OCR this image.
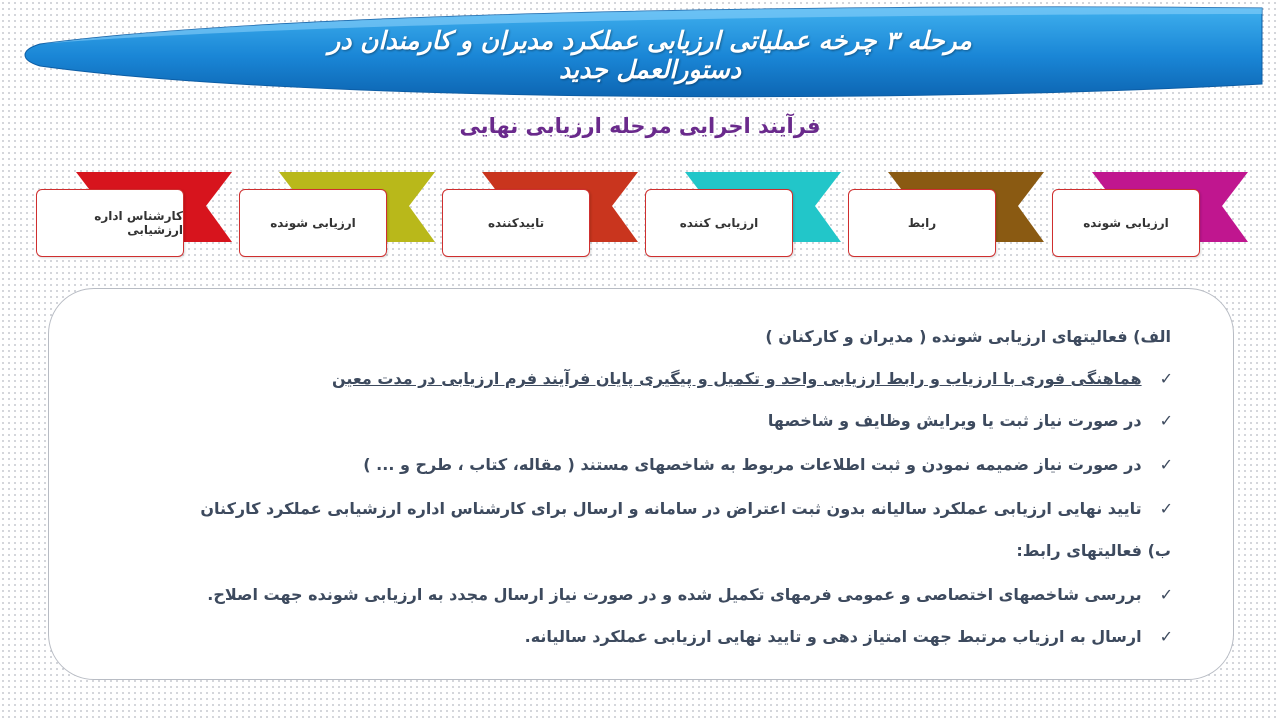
مرحله ۳ چرخه عملیاتی ارزیابی عملکرد مدیران و کارمندان در دستورالعمل جدید
فرآیند اجرایی مرحله ارزیابی نهایی
ارزیابی شونده
رابط
ارزیابی کننده
تاییدکننده
ارزیابی شونده
کارشناس اداره ارزشیابی
الف) فعالیتهای ارزیابی شونده ( مدیران و کارکنان )
✓هماهنگی فوری با ارزیاب و رابط ارزیابی واحد و تکمیل و پیگیری پایان فرآیند فرم ارزیابی در مدت معین
✓در صورت نیاز ثبت یا ویرایش وظایف و شاخصها
✓در صورت نیاز ضمیمه نمودن و ثبت اطلاعات مربوط به شاخصهای مستند ( مقاله، کتاب ، طرح و ... )
✓تایید نهایی ارزیابی عملکرد سالیانه بدون ثبت اعتراض در سامانه و ارسال برای کارشناس اداره ارزشیابی عملکرد کارکنان
ب) فعالیتهای رابط:
✓بررسی شاخصهای اختصاصی و عمومی فرمهای تکمیل شده و در صورت نیاز ارسال مجدد به ارزیابی شونده جهت اصلاح.
✓ارسال به ارزیاب مرتبط جهت امتیاز دهی و تایید نهایی ارزیابی عملکرد سالیانه.
